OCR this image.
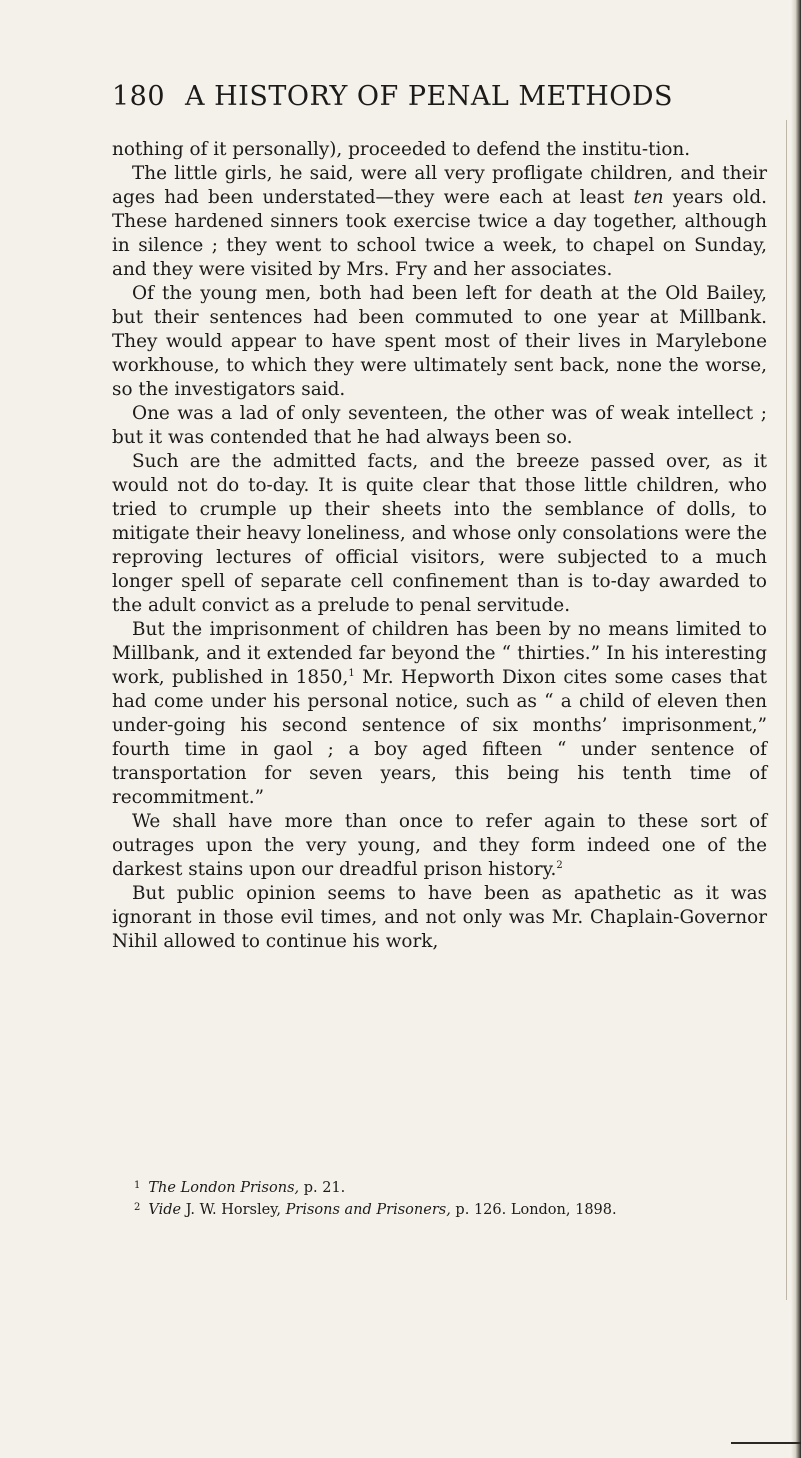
180 A HISTORY OF PENAL METHODS

nothing of it personally), proceeded to defend the institu-tion.

The little girls, he said, were all very profligate children, and their ages had been understated—they were each at least ten years old. These hardened sinners took exercise twice a day together, although in silence ; they went to school twice a week, to chapel on Sunday, and they were visited by Mrs. Fry and her associates.

Of the young men, both had been left for death at the Old Bailey, but their sentences had been commuted to one year at Millbank. They would appear to have spent most of their lives in Marylebone workhouse, to which they were ultimately sent back, none the worse, so the investigators said.

One was a lad of only seventeen, the other was of weak intellect ; but it was contended that he had always been so.

Such are the admitted facts, and the breeze passed over, as it would not do to-day. It is quite clear that those little children, who tried to crumple up their sheets into the semblance of dolls, to mitigate their heavy loneliness, and whose only consolations were the reproving lectures of official visitors, were subjected to a much longer spell of separate cell confinement than is to-day awarded to the adult convict as a prelude to penal servitude.

But the imprisonment of children has been by no means limited to Millbank, and it extended far beyond the “ thirties.” In his interesting work, published in 1850,$^1$ Mr. Hepworth Dixon cites some cases that had come under his personal notice, such as “ a child of eleven then under-going his second sentence of six months’ imprisonment,” fourth time in gaol ; a boy aged fifteen “ under sentence of transportation for seven years, this being his tenth time of recommitment.”

We shall have more than once to refer again to these sort of outrages upon the very young, and they form indeed one of the darkest stains upon our dreadful prison history.$^2$

But public opinion seems to have been as apathetic as it was ignorant in those evil times, and not only was Mr. Chaplain-Governor Nihil allowed to continue his work,

$^1$ The London Prisons, p. 21.
$^2$ Vide J. W. Horsley, Prisons and Prisoners, p. 126. London, 1898.
